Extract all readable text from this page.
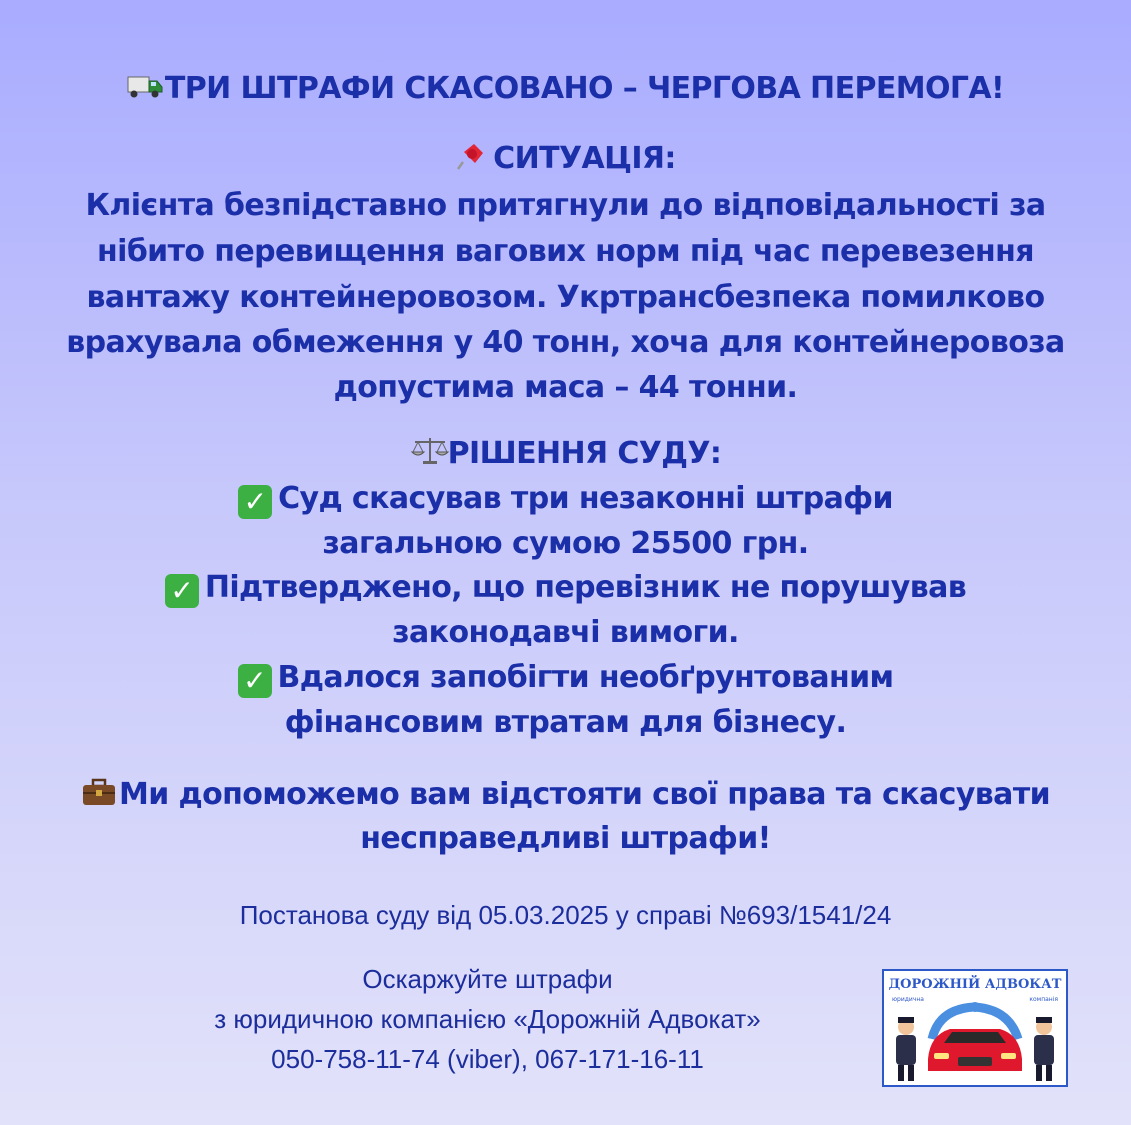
ТРИ ШТРАФИ СКАСОВАНО – ЧЕРГОВА ПЕРЕМОГА!
СИТУАЦІЯ:
Клієнта безпідставно притягнули до відповідальності за
нібито перевищення вагових норм під час перевезення
вантажу контейнеровозом. Укртрансбезпека помилково
врахувала обмеження у 40 тонн, хоча для контейнеровоза
допустима маса – 44 тонни.
РІШЕННЯ СУДУ:
✓ Суд скасував три незаконні штрафи
загальною сумою 25500 грн.
✓ Підтверджено, що перевізник не порушував
законодавчі вимоги.
✓ Вдалося запобігти необґрунтованим
фінансовим втратам для бізнесу.
Ми допоможемо вам відстояти свої права та скасувати
несправедливі штрафи!
Постанова суду від 05.03.2025 у справі №693/1541/24
Оскаржуйте штрафи
з юридичною компанією «Дорожній Адвокат»
050-758-11-74 (viber), 067-171-16-11
ДОРОЖНІЙ АДВОКАТ
юридична	компанія
